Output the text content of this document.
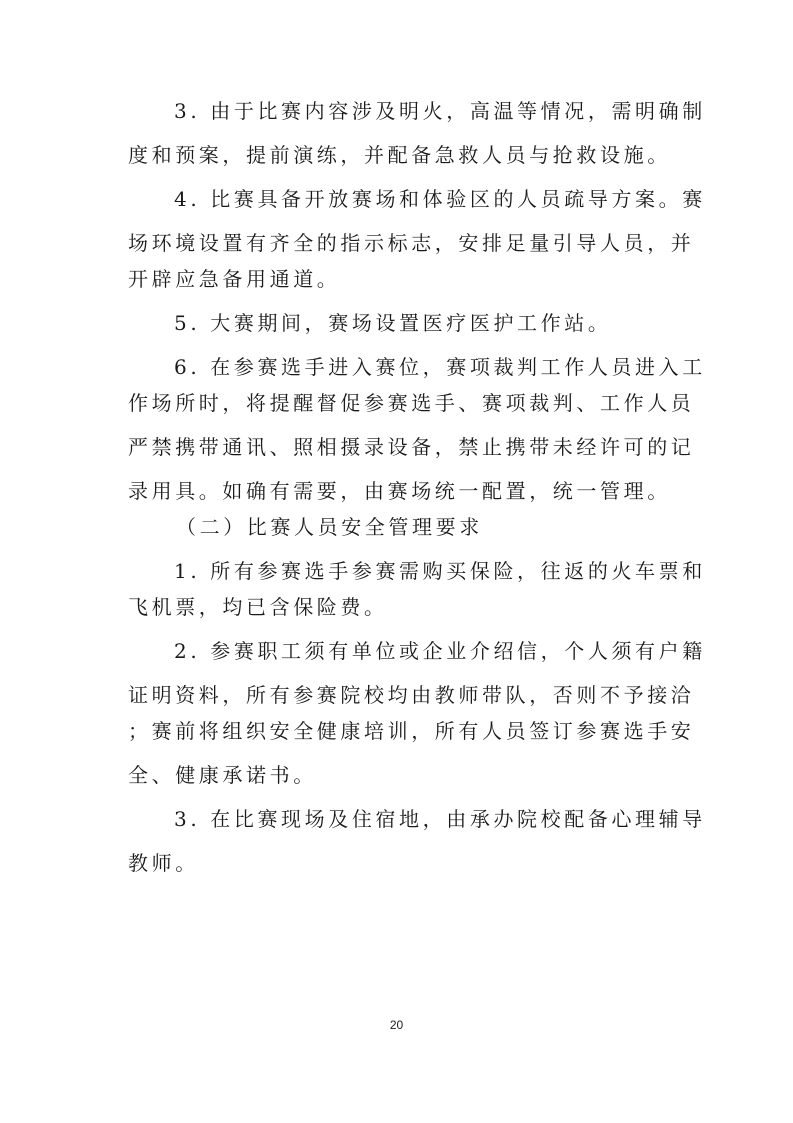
3. 由于比赛内容涉及明火，高温等情况，需明确制
度和预案，提前演练，并配备急救人员与抢救设施。
4. 比赛具备开放赛场和体验区的人员疏导方案。赛
场环境设置有齐全的指示标志，安排足量引导人员，并
开辟应急备用通道。
5. 大赛期间，赛场设置医疗医护工作站。
6. 在参赛选手进入赛位，赛项裁判工作人员进入工
作场所时，将提醒督促参赛选手、赛项裁判、工作人员
严禁携带通讯、照相摄录设备，禁止携带未经许可的记
录用具。如确有需要，由赛场统一配置，统一管理。
（二）比赛人员安全管理要求
1. 所有参赛选手参赛需购买保险，往返的火车票和
飞机票，均已含保险费。
2. 参赛职工须有单位或企业介绍信，个人须有户籍
证明资料，所有参赛院校均由教师带队，否则不予接洽
；赛前将组织安全健康培训，所有人员签订参赛选手安
全、健康承诺书。
3. 在比赛现场及住宿地，由承办院校配备心理辅导
教师。
20
